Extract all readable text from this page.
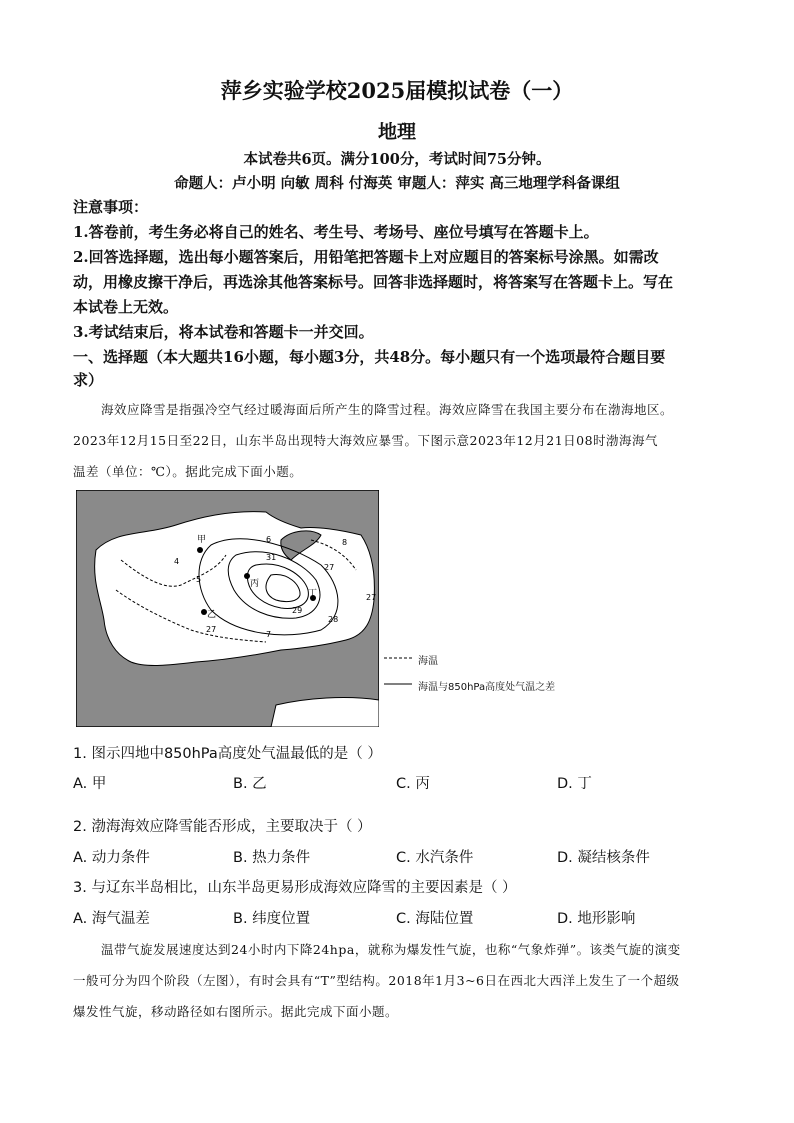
萍乡实验学校2025届模拟试卷（一）
地理
本试卷共6页。满分100分，考试时间75分钟。
命题人：卢小明 向敏 周科 付海英 审题人：萍实 高三地理学科备课组
注意事项：
1.答卷前，考生务必将自己的姓名、考生号、考场号、座位号填写在答题卡上。
2.回答选择题，选出每小题答案后，用铅笔把答题卡上对应题目的答案标号涂黑。如需改
动，用橡皮擦干净后，再选涂其他答案标号。回答非选择题时，将答案写在答题卡上。写在
本试卷上无效。
3.考试结束后，将本试卷和答题卡一并交回。
一、选择题（本大题共16小题，每小题3分，共48分。每小题只有一个选项最符合题目要
求）
海效应降雪是指强冷空气经过暖海面后所产生的降雪过程。海效应降雪在我国主要分布在渤海地区。
2023年12月15日至22日，山东半岛出现特大海效应暴雪。下图示意2023年12月21日08时渤海海气
温差（单位：℃）。据此完成下面小题。
甲
乙
丙
丁
6
31
27
29
28
27
27
4
5
7
8
海温
海温与850hPa高度处气温之差
1. 图示四地中850hPa高度处气温最低的是（ ）
A. 甲	B. 乙	C. 丙	D. 丁
2. 渤海海效应降雪能否形成，主要取决于（ ）
A. 动力条件	B. 热力条件	C. 水汽条件	D. 凝结核条件
3. 与辽东半岛相比，山东半岛更易形成海效应降雪的主要因素是（ ）
A. 海气温差	B. 纬度位置	C. 海陆位置	D. 地形影响
温带气旋发展速度达到24小时内下降24hpa，就称为爆发性气旋，也称“气象炸弹”。该类气旋的演变
一般可分为四个阶段（左图），有时会具有“T”型结构。2018年1月3~6日在西北大西洋上发生了一个超级
爆发性气旋，移动路径如右图所示。据此完成下面小题。
